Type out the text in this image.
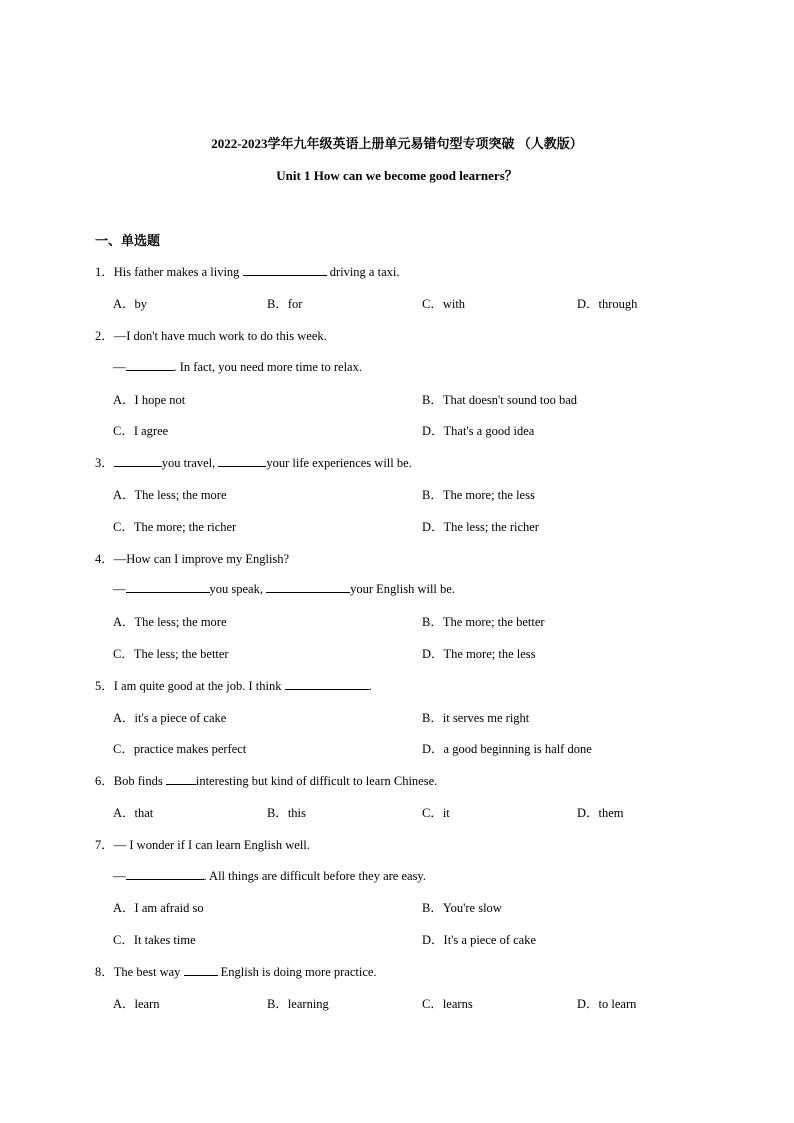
2022-2023学年九年级英语上册单元易错句型专项突破 （人教版）
Unit 1 How can we become good learners？
一、单选题
1．His father makes a living	driving a taxi.
A．by	B．for	C．with	D．through
2．—I don't have much work to do this week.
—	. In fact, you need more time to relax.
A．I hope not	B．That doesn't sound too bad
C．I agree	D．That's a good idea
3．	you travel,	your life experiences will be.
A．The less; the more	B．The more; the less
C．The more; the richer	D．The less; the richer
4．—How can I improve my English?
—	you speak,	your English will be.
A．The less; the more	B．The more; the better
C．The less; the better	D．The more; the less
5．I am quite good at the job. I think	.
A．it's a piece of cake	B．it serves me right
C．practice makes perfect	D．a good beginning is half done
6．Bob finds interesting but kind of difficult to learn Chinese.
A．that	B．this	C．it	D．them
7．— I wonder if I can learn English well.
—	. All things are difficult before they are easy.
A．I am afraid so	B．You're slow
C．It takes time	D．It's a piece of cake
8．The best way	English is doing more practice.
A．learn	B．learning	C．learns	D．to learn
